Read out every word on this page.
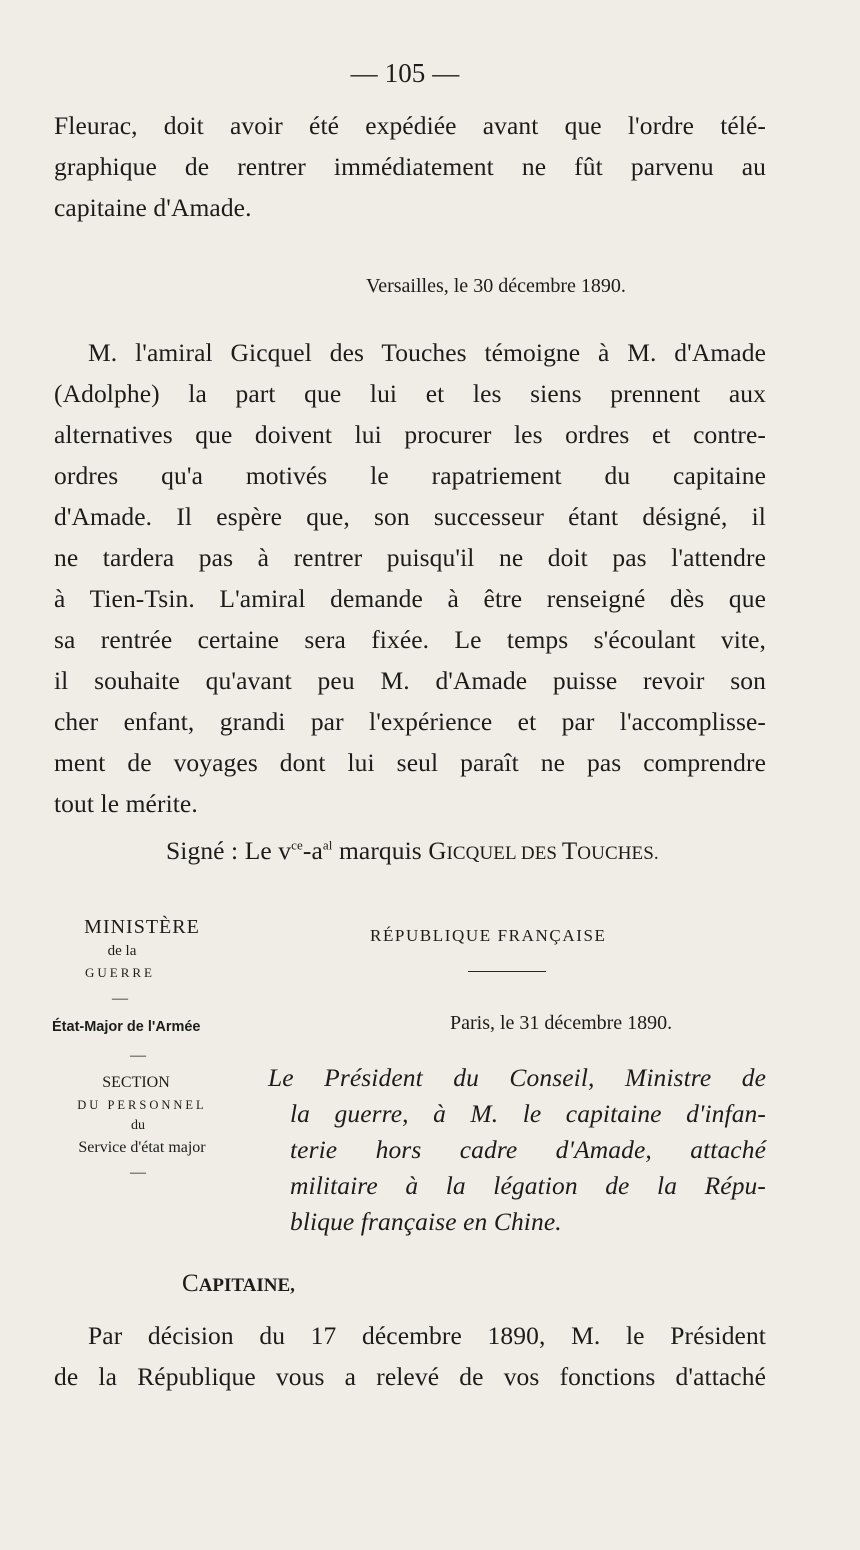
— 105 —
Fleurac, doit avoir été expédiée avant que l'ordre télé-
graphique de rentrer immédiatement ne fût parvenu au
capitaine d'Amade.
Versailles, le 30 décembre 1890.
M. l'amiral Gicquel des Touches témoigne à M. d'Amade
(Adolphe) la part que lui et les siens prennent aux
alternatives que doivent lui procurer les ordres et contre-
ordres qu'a motivés le rapatriement du capitaine
d'Amade. Il espère que, son successeur étant désigné, il
ne tardera pas à rentrer puisqu'il ne doit pas l'attendre
à Tien-Tsin. L'amiral demande à être renseigné dès que
sa rentrée certaine sera fixée. Le temps s'écoulant vite,
il souhaite qu'avant peu M. d'Amade puisse revoir son
cher enfant, grandi par l'expérience et par l'accomplisse-
ment de voyages dont lui seul paraît ne pas comprendre
tout le mérite.
Signé : Le $v^{ce}-a^{al}$ marquis GICQUEL DES TOUCHES.
MINISTÈRE
de la
GUERRE
—
État-Major de l'Armée
—
SECTION
DU PERSONNEL
du
Service d'état major
—
RÉPUBLIQUE FRANÇAISE
Paris, le 31 décembre 1890.
Le Président du Conseil, Ministre de
la guerre, à M. le capitaine d'infan-
terie hors cadre d'Amade, attaché
militaire à la légation de la Répu-
blique française en Chine.
CAPITAINE,
Par décision du 17 décembre 1890, M. le Président
de la République vous a relevé de vos fonctions d'attaché
